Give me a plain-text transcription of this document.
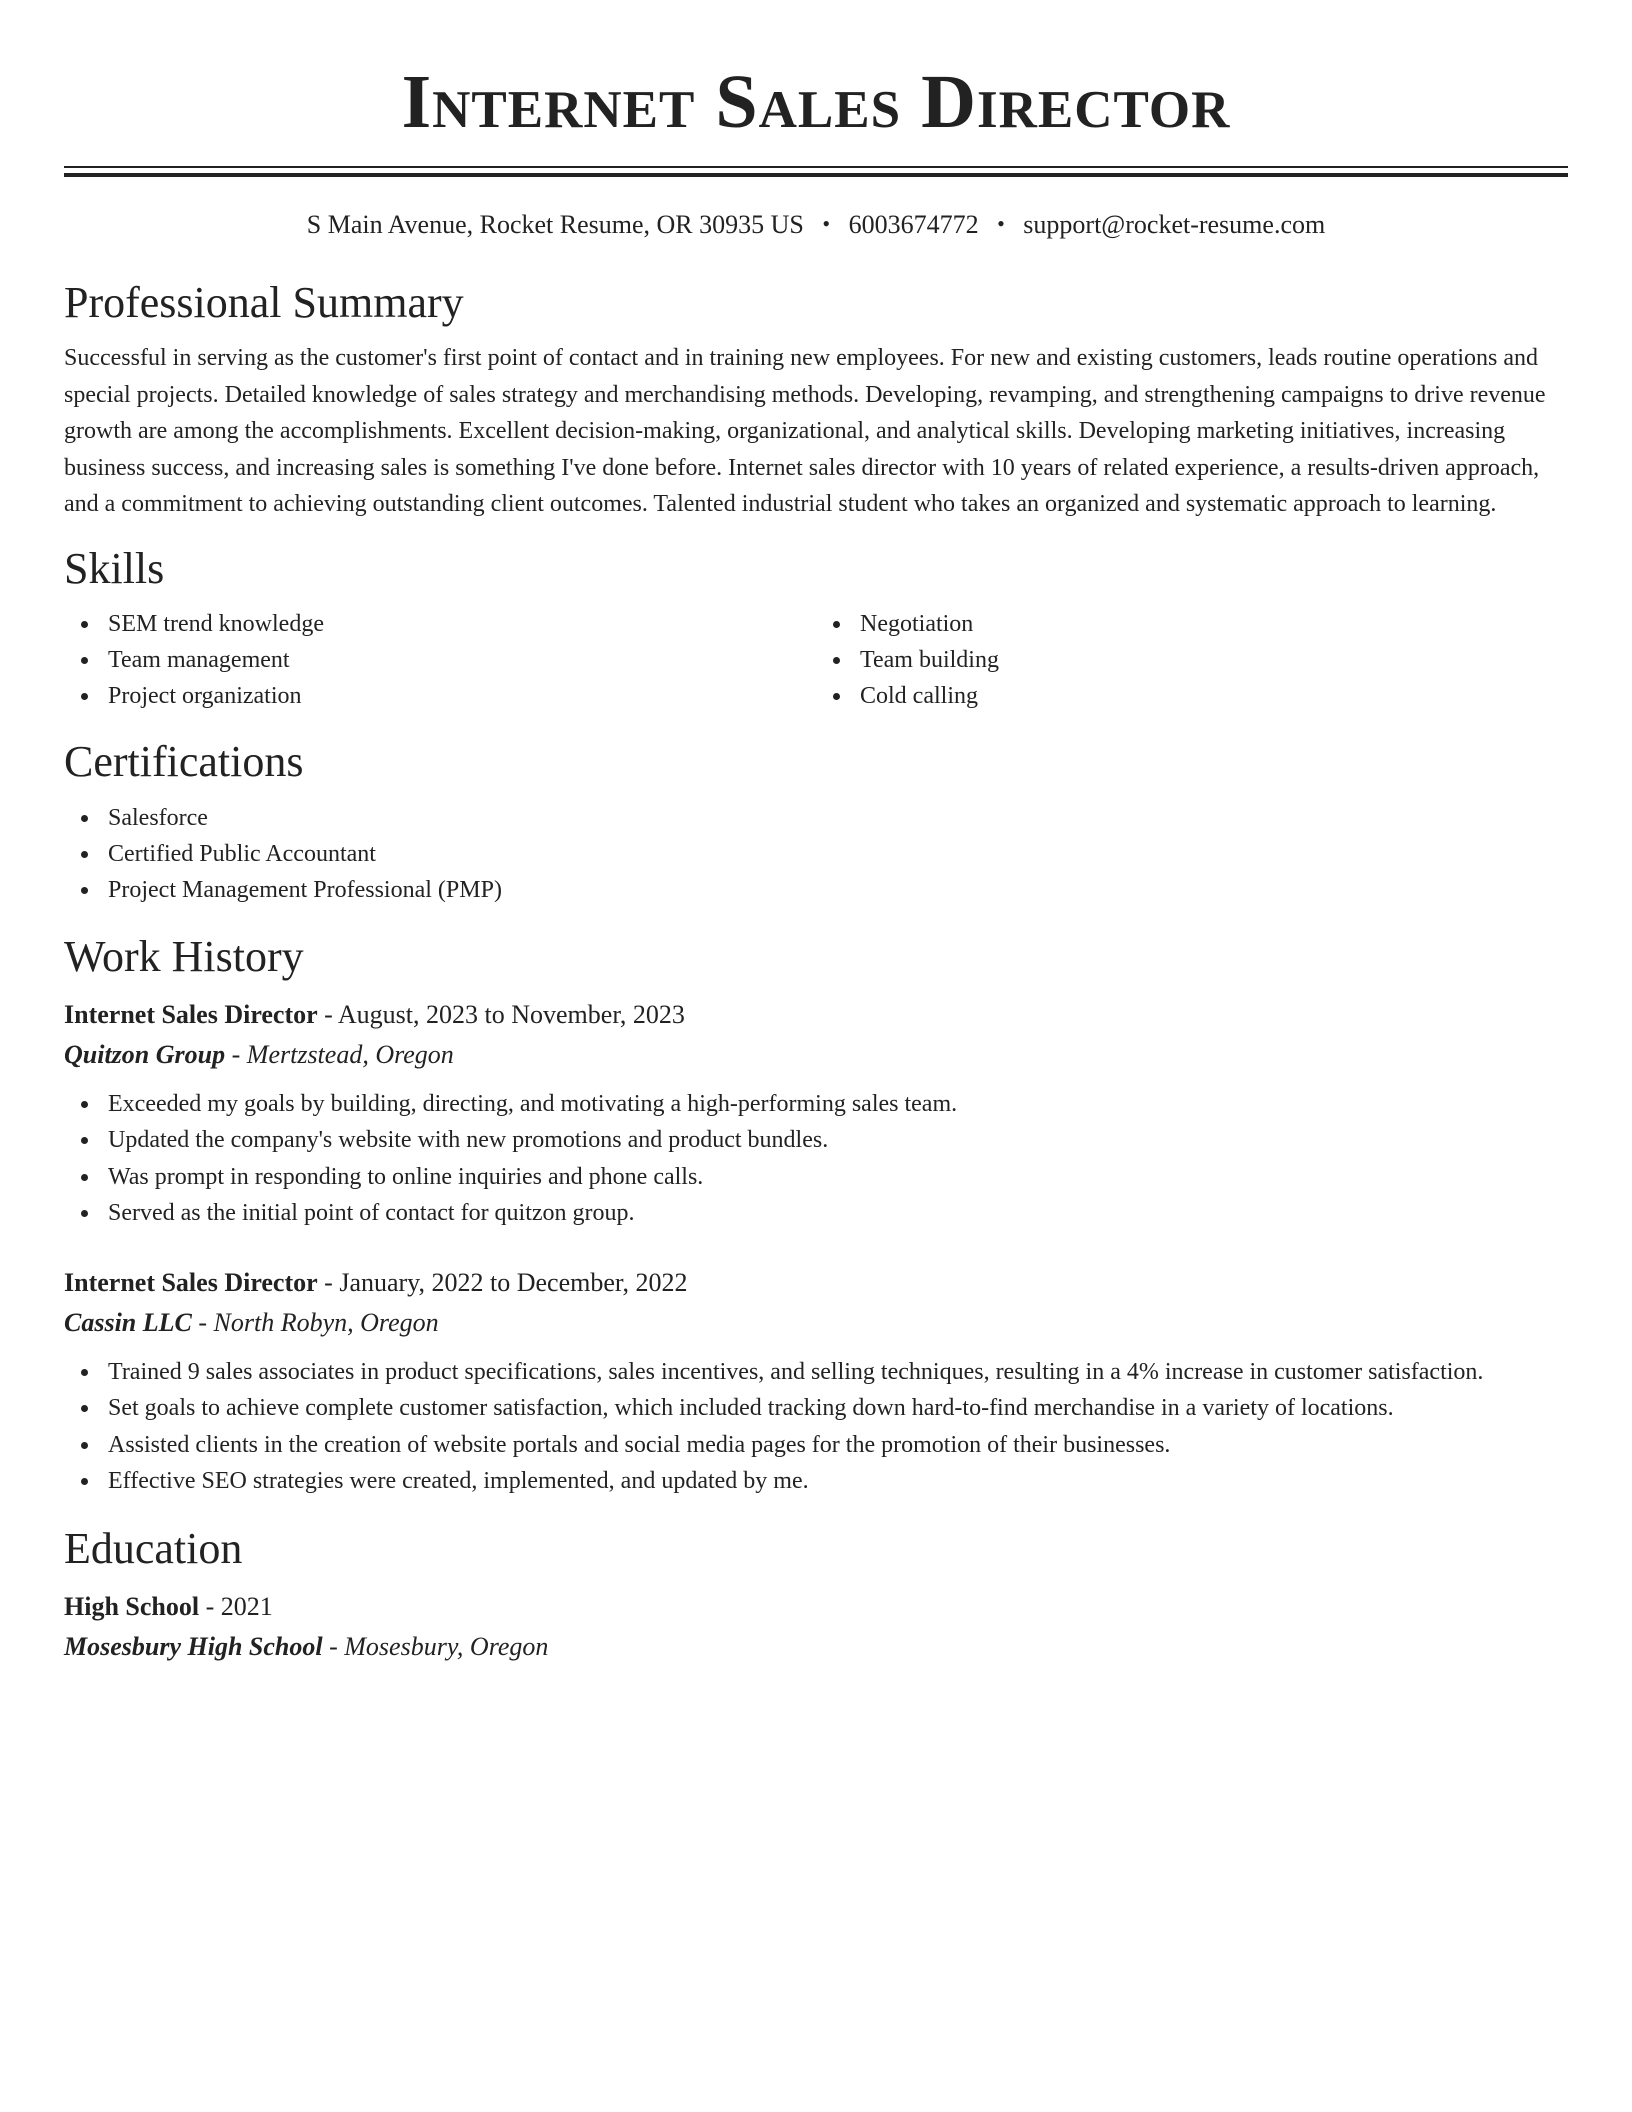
Internet Sales Director
S Main Avenue, Rocket Resume, OR 30935 US • 6003674772 • support@rocket-resume.com
Professional Summary

Successful in serving as the customer's first point of contact and in training new employees. For new and existing customers, leads routine operations and special projects. Detailed knowledge of sales strategy and merchandising methods. Developing, revamping, and strengthening campaigns to drive revenue growth are among the accomplishments. Excellent decision-making, organizational, and analytical skills. Developing marketing initiatives, increasing business success, and increasing sales is something I've done before. Internet sales director with 10 years of related experience, a results-driven approach, and a commitment to achieving outstanding client outcomes. Talented industrial student who takes an organized and systematic approach to learning.

Skills
SEM trend knowledge
Team management
Project organization
Negotiation
Team building
Cold calling
Certifications
Salesforce
Certified Public Accountant
Project Management Professional (PMP)
Work History
Internet Sales Director - August, 2023 to November, 2023
Quitzon Group - Mertzstead, Oregon
Exceeded my goals by building, directing, and motivating a high-performing sales team.
Updated the company's website with new promotions and product bundles.
Was prompt in responding to online inquiries and phone calls.
Served as the initial point of contact for quitzon group.
Internet Sales Director - January, 2022 to December, 2022
Cassin LLC - North Robyn, Oregon
Trained 9 sales associates in product specifications, sales incentives, and selling techniques, resulting in a 4% increase in customer satisfaction.
Set goals to achieve complete customer satisfaction, which included tracking down hard-to-find merchandise in a variety of locations.
Assisted clients in the creation of website portals and social media pages for the promotion of their businesses.
Effective SEO strategies were created, implemented, and updated by me.
Education
High School - 2021
Mosesbury High School - Mosesbury, Oregon
